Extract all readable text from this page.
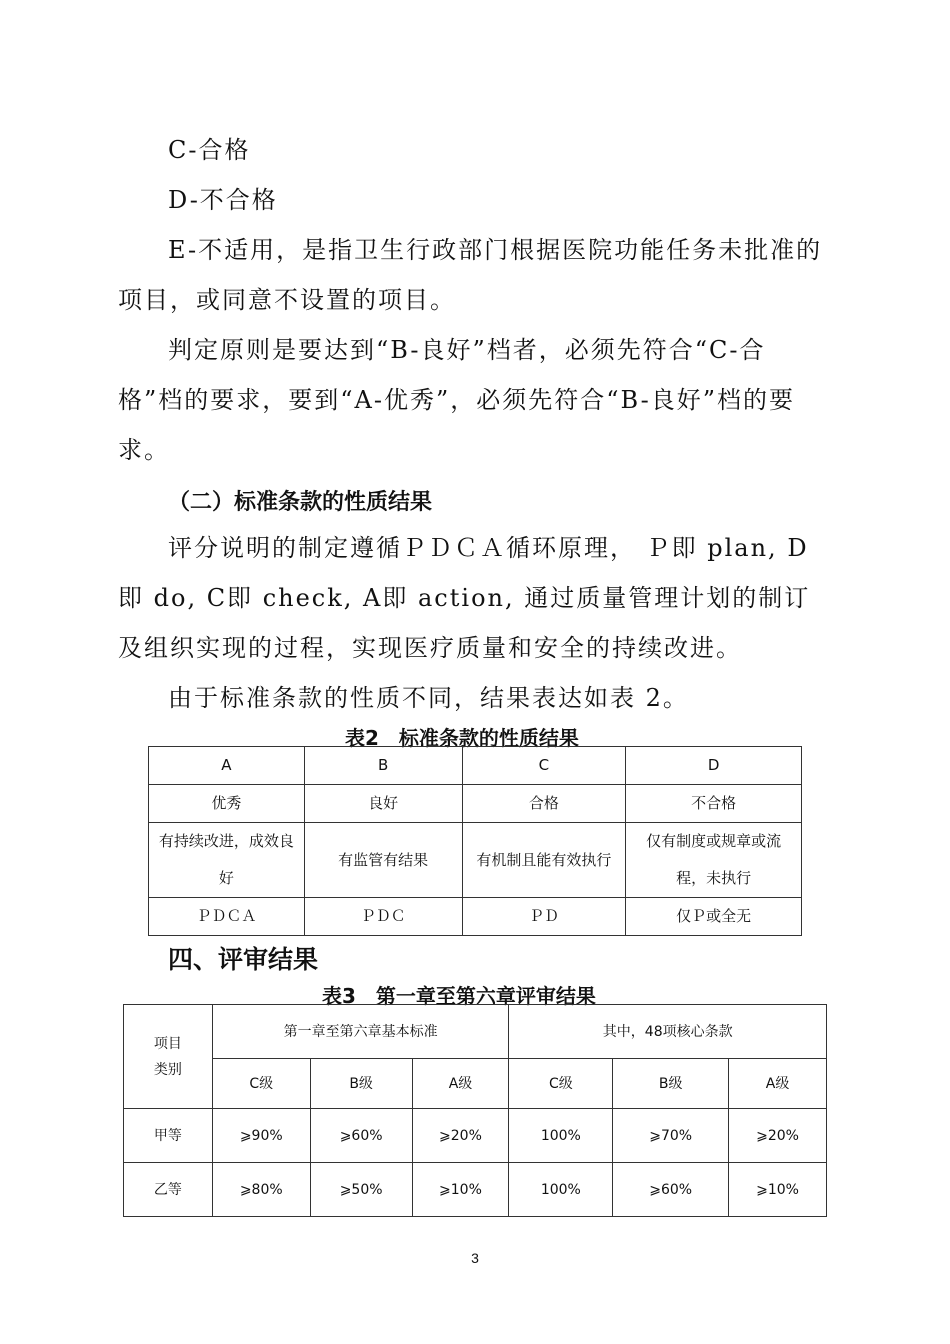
C-合格

D-不合格

E-不适用，是指卫生行政部门根据医院功能任务未批准的项目，或同意不设置的项目。

判定原则是要达到“B-良好”档者，必须先符合“C-合格”档的要求，要到“A-优秀”，必须先符合“B-良好”档的要求。

（二）标准条款的性质结果

评分说明的制定遵循ＰＤＣＡ循环原理， Ｐ即 plan, D即 do, C即 check, A即 action, 通过质量管理计划的制订及组织实现的过程，实现医疗质量和安全的持续改进。

由于标准条款的性质不同，结果表达如表 2。

表2　标准条款的性质结果

A	B	C	D
优秀	良好	合格	不合格
有持续改进，成效良好	有监管有结果	有机制且能有效执行	仅有制度或规章或流程，未执行
ＰＤＣＡ	ＰＤＣ	ＰＤ	仅Ｐ或全无

四、评审结果

表3　第一章至第六章评审结果

项目
类别	第一章至第六章基本标准			其中，48项核心条款		
	C级	B级	A级	C级	B级	A级
甲等	⩾90%	⩾60%	⩾20%	100%	⩾70%	⩾20%
乙等	⩾80%	⩾50%	⩾10%	100%	⩾60%	⩾10%
3
